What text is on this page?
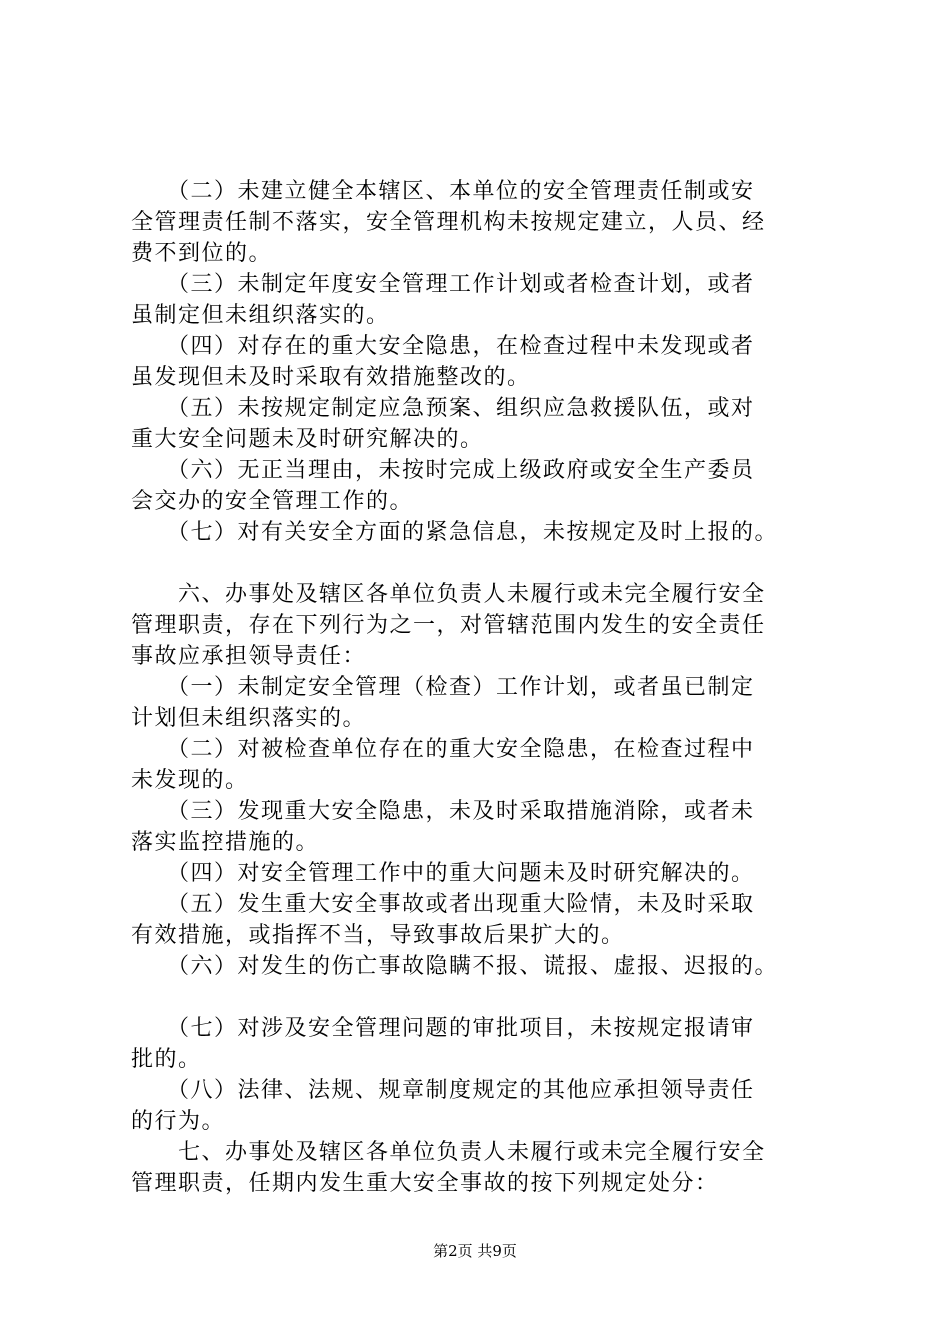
　　（二）未建立健全本辖区、本单位的安全管理责任制或安
全管理责任制不落实，安全管理机构未按规定建立，人员、经
费不到位的。
　　（三）未制定年度安全管理工作计划或者检查计划，或者
虽制定但未组织落实的。
　　（四）对存在的重大安全隐患，在检查过程中未发现或者
虽发现但未及时采取有效措施整改的。
　　（五）未按规定制定应急预案、组织应急救援队伍，或对
重大安全问题未及时研究解决的。
　　（六）无正当理由，未按时完成上级政府或安全生产委员
会交办的安全管理工作的。
　　（七）对有关安全方面的紧急信息，未按规定及时上报的。
　　六、办事处及辖区各单位负责人未履行或未完全履行安全
管理职责，存在下列行为之一，对管辖范围内发生的安全责任
事故应承担领导责任：
　　（一）未制定安全管理（检查）工作计划，或者虽已制定
计划但未组织落实的。
　　（二）对被检查单位存在的重大安全隐患，在检查过程中
未发现的。
　　（三）发现重大安全隐患，未及时采取措施消除，或者未
落实监控措施的。
　　（四）对安全管理工作中的重大问题未及时研究解决的。
　　（五）发生重大安全事故或者出现重大险情，未及时采取
有效措施，或指挥不当，导致事故后果扩大的。
　　（六）对发生的伤亡事故隐瞒不报、谎报、虚报、迟报的。
　　（七）对涉及安全管理问题的审批项目，未按规定报请审
批的。
　　（八）法律、法规、规章制度规定的其他应承担领导责任
的行为。
　　七、办事处及辖区各单位负责人未履行或未完全履行安全
管理职责，任期内发生重大安全事故的按下列规定处分：
第2页 共9页
